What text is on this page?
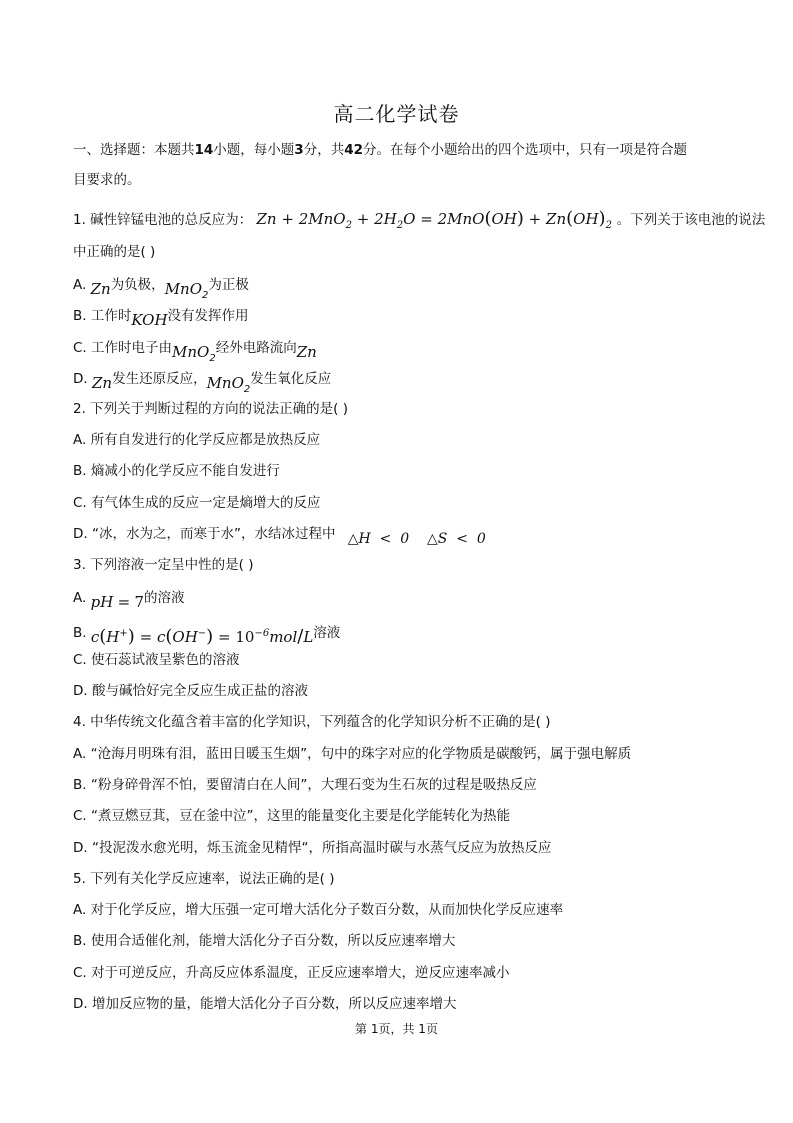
高二化学试卷
一、选择题：本题共14小题，每小题3分，共42分。在每个小题给出的四个选项中，只有一项是符合题
目要求的。
1. 碱性锌锰电池的总反应为： $Zn + 2MnO_2 + 2H_2O = 2MnO(OH) + Zn(OH)_2$ 。下列关于该电池的说法
中正确的是( )
A. Zn为负极，MnO$_2$为正极
B. 工作时KOH没有发挥作用
C. 工作时电子由MnO$_2$经外电路流向Zn
D. Zn发生还原反应，MnO$_2$发生氧化反应
2. 下列关于判断过程的方向的说法正确的是( )
A. 所有自发进行的化学反应都是放热反应
B. 熵减小的化学反应不能自发进行
C. 有气体生成的反应一定是熵增大的反应
D. “冰，水为之，而寒于水”，水结冰过程中 △H  <  0    △S  <  0
3. 下列溶液一定呈中性的是( )
A. pH = 7的溶液
B. $c(H^+) = c(OH^-) = 10^{-6}mol/L$溶液
C. 使石蕊试液呈紫色的溶液
D. 酸与碱恰好完全反应生成正盐的溶液
4. 中华传统文化蕴含着丰富的化学知识，下列蕴含的化学知识分析不正确的是( )
A. “沧海月明珠有泪，蓝田日暖玉生烟”，句中的珠字对应的化学物质是碳酸钙，属于强电解质
B. “粉身碎骨浑不怕，要留清白在人间”，大理石变为生石灰的过程是吸热反应
C. “煮豆燃豆萁，豆在釜中泣”，这里的能量变化主要是化学能转化为热能
D. “投泥泼水愈光明，烁玉流金见精悍“，所指高温时碳与水蒸气反应为放热反应
5. 下列有关化学反应速率，说法正确的是( )
A. 对于化学反应，增大压强一定可增大活化分子数百分数，从而加快化学反应速率
B. 使用合适催化剂，能增大活化分子百分数，所以反应速率增大
C. 对于可逆反应，升高反应体系温度，正反应速率增大，逆反应速率减小
D. 增加反应物的量，能增大活化分子百分数，所以反应速率增大
第 1页，共 1页
